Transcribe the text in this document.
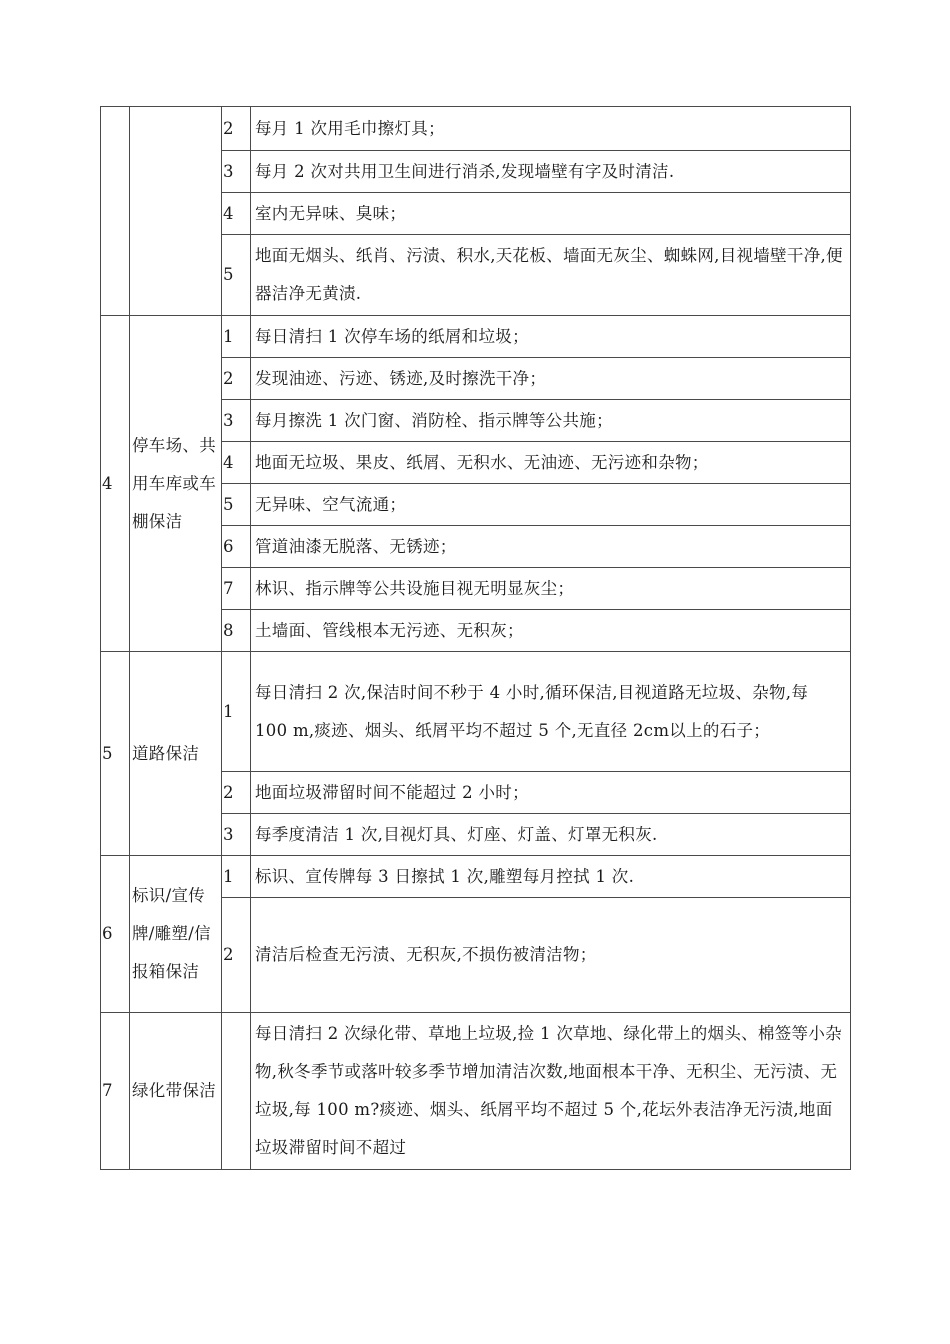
		2	每月 1 次用毛巾擦灯具；
		3	每月 2 次对共用卫生间进行消杀,发现墙壁有字及时清洁.
		4	室内无异味、臭味；
		5	地面无烟头、纸肖、污渍、积水,天花板、墙面无灰尘、蜘蛛网,目视墙壁干净,便器洁净无黄渍.
4	停车场、共用车库或车棚保洁	1	每日清扫 1 次停车场的纸屑和垃圾；
		2	发现油迹、污迹、锈迹,及时擦洗干净；
		3	每月擦洗 1 次门窗、消防栓、指示牌等公共施；
		4	地面无垃圾、果皮、纸屑、无积水、无油迹、无污迹和杂物；
		5	无异味、空气流通；
		6	管道油漆无脱落、无锈迹；
		7	林识、指示牌等公共设施目视无明显灰尘；
		8	土墙面、管线根本无污迹、无积灰；
5	道路保洁	1	每日清扫 2 次,保洁时间不秒于 4 小时,循环保洁,目视道路无垃圾、杂物,每 100 m,痰迹、烟头、纸屑平均不超过 5 个,无直径 2cm以上的石子；
		2	地面垃圾滞留时间不能超过 2 小时；
		3	每季度清洁 1 次,目视灯具、灯座、灯盖、灯罩无积灰.
6	标识/宣传牌/雕塑/信报箱保洁	1	标识、宣传牌每 3 日擦拭 1 次,雕塑每月控拭 1 次.
		2	清洁后检查无污渍、无积灰,不损伤被清洁物；
7	绿化带保洁		每日清扫 2 次绿化带、草地上垃圾,捡 1 次草地、绿化带上的烟头、棉签等小杂物,秋冬季节或落叶较多季节增加清洁次数,地面根本干净、无积尘、无污渍、无垃圾,每 100 m?痰迹、烟头、纸屑平均不超过 5 个,花坛外表洁净无污渍,地面垃圾滞留时间不超过
